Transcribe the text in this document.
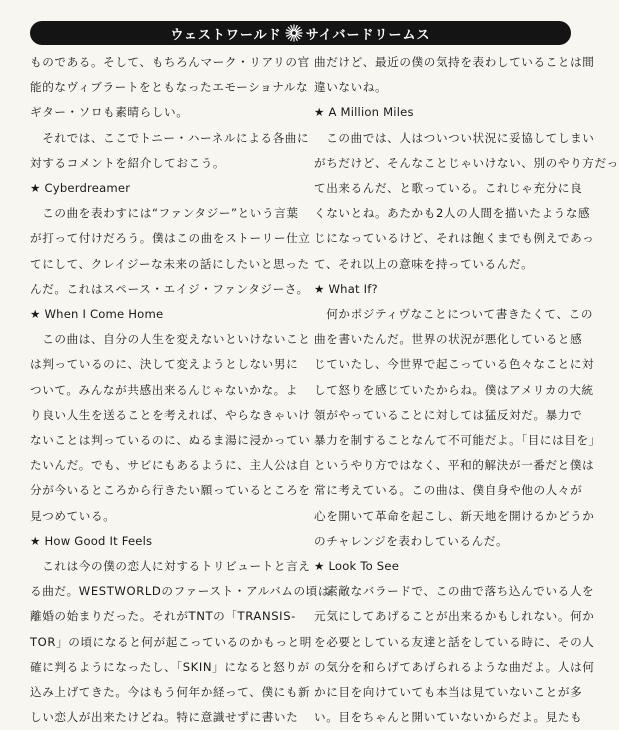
ウェストワールド サイバードリームス

ものである。そして、もちろんマーク・リアリの官

能的なヴィブラートをともなったエモーショナルな

ギター・ソロも素晴らしい。

　それでは、ここでトニー・ハーネルによる各曲に

対するコメントを紹介しておこう。

★ Cyberdreamer

　この曲を表わすには“ファンタジー”という言葉

が打って付けだろう。僕はこの曲をストーリー仕立

てにして、クレイジーな未来の話にしたいと思った

んだ。これはスペース・エイジ・ファンタジーさ。

★ When I Come Home

　この曲は、自分の人生を変えないといけないこと

は判っているのに、決して変えようとしない男に

ついて。みんなが共感出来るんじゃないかな。よ

り良い人生を送ることを考えれば、やらなきゃいけ

ないことは判っているのに、ぬるま湯に浸かってい

たいんだ。でも、サビにもあるように、主人公は自

分が今いるところから行きたい願っているところを

見つめている。

★ How Good It Feels

　これは今の僕の恋人に対するトリビュートと言え

る曲だ。WESTWORLDのファースト・アルバムの頃は

離婚の始まりだった。それがTNTの「TRANSIS-

TOR」の頃になると何が起こっているのかもっと明

確に判るようになったし、「SKIN」になると怒りが

込み上げてきた。今はもう何年か経って、僕にも新

しい恋人が出来たけどね。特に意識せずに書いた

曲だけど、最近の僕の気持を表わしていることは間

違いないね。

★ A Million Miles

　この曲では、人はついつい状況に妥協してしまい

がちだけど、そんなことじゃいけない、別のやり方だっ

て出来るんだ、と歌っている。これじゃ充分に良

くないとね。あたかも2人の人間を描いたような感

じになっているけど、それは飽くまでも例えであっ

て、それ以上の意味を持っているんだ。

★ What If?

　何かポジティヴなことについて書きたくて、この

曲を書いたんだ。世界の状況が悪化していると感

じていたし、今世界で起こっている色々なことに対

して怒りを感じていたからね。僕はアメリカの大統

領がやっていることに対しては猛反対だ。暴力で

暴力を制することなんて不可能だよ。「目には目を」

というやり方ではなく、平和的解決が一番だと僕は

常に考えている。この曲は、僕自身や他の人々が

心を開いて革命を起こし、新天地を開けるかどうか

のチャレンジを表わしているんだ。

★ Look To See

　素敵なバラードで、この曲で落ち込んでいる人を

元気にしてあげることが出来るかもしれない。何か

を必要としている友達と話をしている時に、その人

の気分を和らげてあげられるような曲だよ。人は何

かに目を向けていても本当は見ていないことが多

い。目をちゃんと開いていないからだよ。見たも
